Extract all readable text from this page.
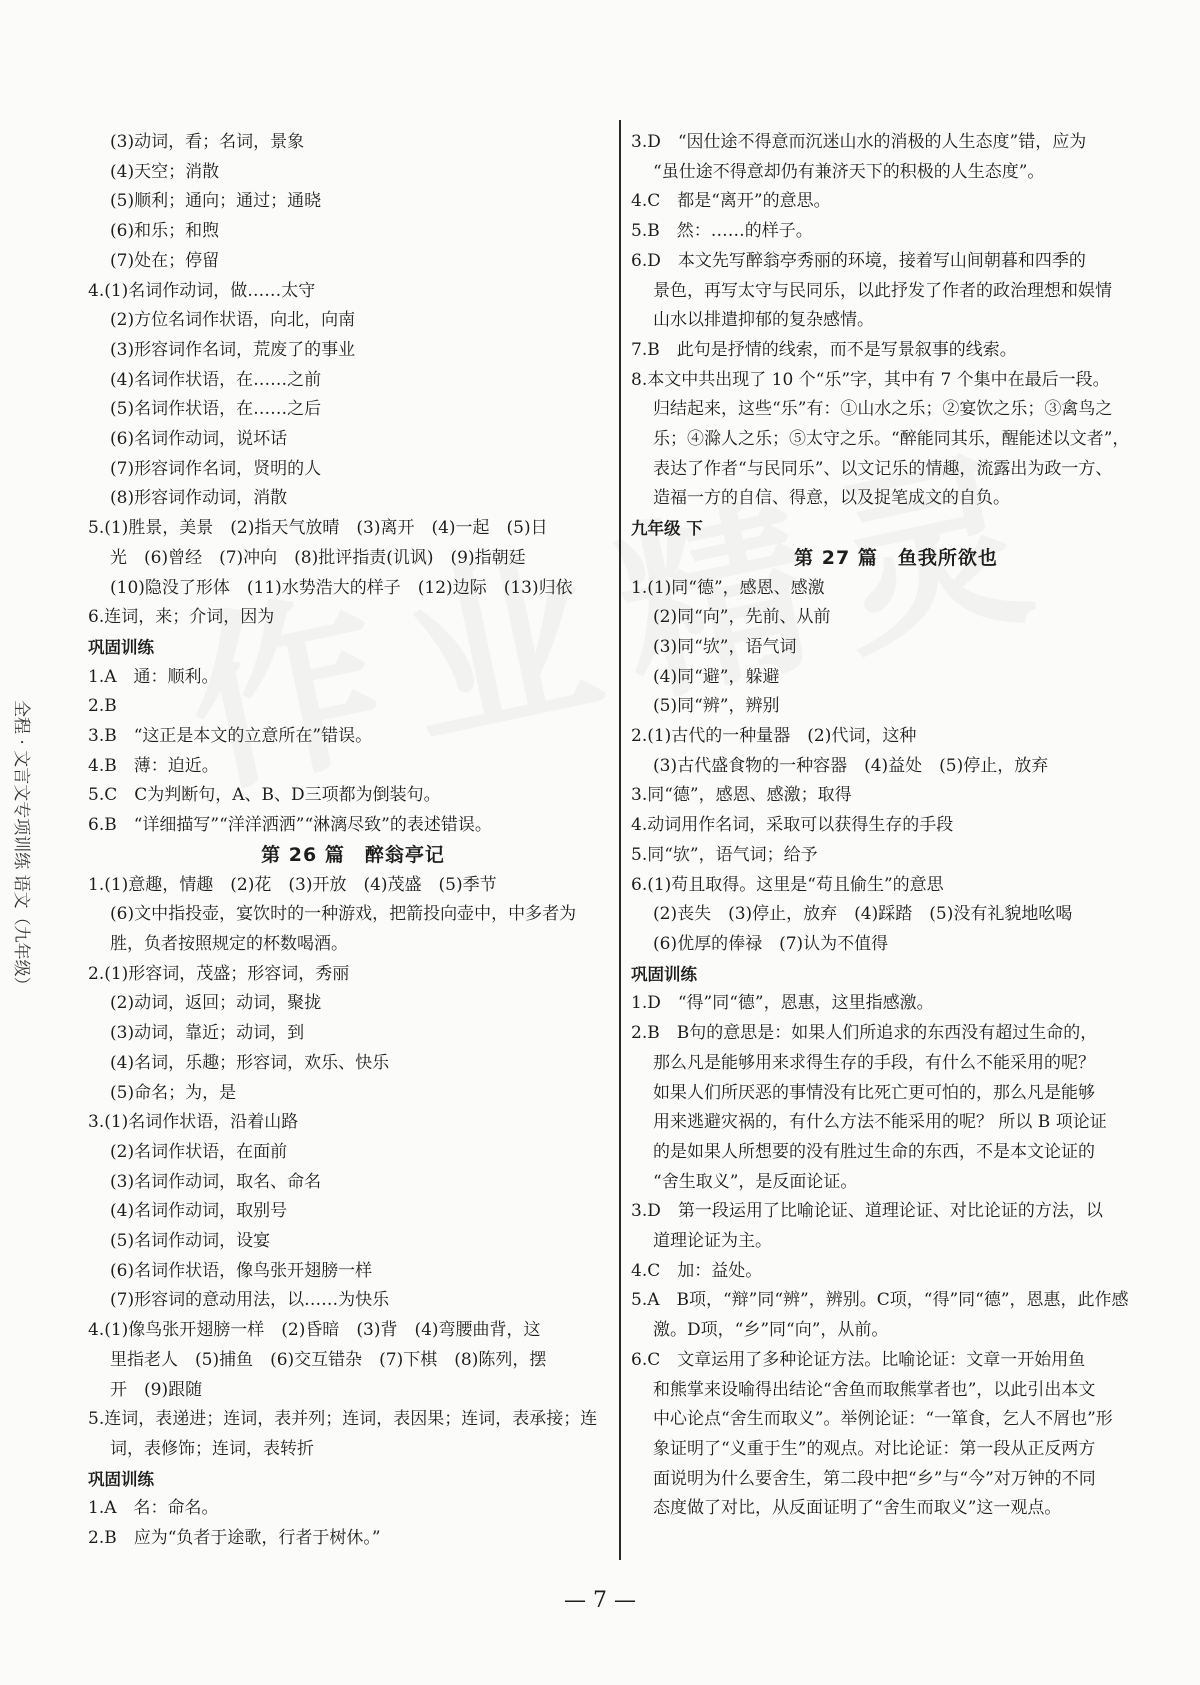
全程 · 文言文专项训练 语文（九年级）
(3)动词，看；名词，景象
(4)天空；消散
(5)顺利；通向；通过；通晓
(6)和乐；和煦
(7)处在；停留
4.(1)名词作动词，做……太守
(2)方位名词作状语，向北，向南
(3)形容词作名词，荒废了的事业
(4)名词作状语，在……之前
(5)名词作状语，在……之后
(6)名词作动词，说坏话
(7)形容词作名词，贤明的人
(8)形容词作动词，消散
5.(1)胜景，美景　(2)指天气放晴　(3)离开　(4)一起　(5)日
光　(6)曾经　(7)冲向　(8)批评指责(讥讽)　(9)指朝廷
(10)隐没了形体　(11)水势浩大的样子　(12)边际　(13)归依
6.连词，来；介词，因为
巩固训练
1.A　通：顺利。
2.B
3.B　“这正是本文的立意所在”错误。
4.B　薄：迫近。
5.C　C为判断句，A、B、D三项都为倒装句。
6.B　“详细描写”“洋洋洒洒”“淋漓尽致”的表述错误。
第 26 篇　醉翁亭记
1.(1)意趣，情趣　(2)花　(3)开放　(4)茂盛　(5)季节
(6)文中指投壶，宴饮时的一种游戏，把箭投向壶中，中多者为
胜，负者按照规定的杯数喝酒。
2.(1)形容词，茂盛；形容词，秀丽
(2)动词，返回；动词，聚拢
(3)动词，靠近；动词，到
(4)名词，乐趣；形容词，欢乐、快乐
(5)命名；为，是
3.(1)名词作状语，沿着山路
(2)名词作状语，在面前
(3)名词作动词，取名、命名
(4)名词作动词，取别号
(5)名词作动词，设宴
(6)名词作状语，像鸟张开翅膀一样
(7)形容词的意动用法，以……为快乐
4.(1)像鸟张开翅膀一样　(2)昏暗　(3)背　(4)弯腰曲背，这
里指老人　(5)捕鱼　(6)交互错杂　(7)下棋　(8)陈列，摆
开　(9)跟随
5.连词，表递进；连词，表并列；连词，表因果；连词，表承接；连
词，表修饰；连词，表转折
巩固训练
1.A　名：命名。
2.B　应为“负者于途歌，行者于树休。”
3.D　“因仕途不得意而沉迷山水的消极的人生态度”错，应为
“虽仕途不得意却仍有兼济天下的积极的人生态度”。
4.C　都是“离开”的意思。
5.B　然：……的样子。
6.D　本文先写醉翁亭秀丽的环境，接着写山间朝暮和四季的
景色，再写太守与民同乐，以此抒发了作者的政治理想和娱情
山水以排遣抑郁的复杂感情。
7.B　此句是抒情的线索，而不是写景叙事的线索。
8.本文中共出现了 10 个“乐”字，其中有 7 个集中在最后一段。
归结起来，这些“乐”有：①山水之乐；②宴饮之乐；③禽鸟之
乐；④滁人之乐；⑤太守之乐。“醉能同其乐，醒能述以文者”，
表达了作者“与民同乐”、以文记乐的情趣，流露出为政一方、
造福一方的自信、得意，以及捉笔成文的自负。
九年级 下
第 27 篇　鱼我所欲也
1.(1)同“德”，感恩、感激
(2)同“向”，先前、从前
(3)同“欤”，语气词
(4)同“避”，躲避
(5)同“辨”，辨别
2.(1)古代的一种量器　(2)代词，这种
(3)古代盛食物的一种容器　(4)益处　(5)停止，放弃
3.同“德”，感恩、感激；取得
4.动词用作名词，采取可以获得生存的手段
5.同“欤”，语气词；给予
6.(1)苟且取得。这里是“苟且偷生”的意思
(2)丧失　(3)停止，放弃　(4)踩踏　(5)没有礼貌地吆喝
(6)优厚的俸禄　(7)认为不值得
巩固训练
1.D　“得”同“德”，恩惠，这里指感激。
2.B　B句的意思是：如果人们所追求的东西没有超过生命的，
那么凡是能够用来求得生存的手段，有什么不能采用的呢？
如果人们所厌恶的事情没有比死亡更可怕的，那么凡是能够
用来逃避灾祸的，有什么方法不能采用的呢？ 所以 B 项论证
的是如果人所想要的没有胜过生命的东西，不是本文论证的
“舍生取义”，是反面论证。
3.D　第一段运用了比喻论证、道理论证、对比论证的方法，以
道理论证为主。
4.C　加：益处。
5.A　B项，“辩”同“辨”，辨别。C项，“得”同“德”，恩惠，此作感
激。D项，“乡”同“向”，从前。
6.C　文章运用了多种论证方法。比喻论证：文章一开始用鱼
和熊掌来设喻得出结论“舍鱼而取熊掌者也”，以此引出本文
中心论点“舍生而取义”。举例论证：“一箪食，乞人不屑也”形
象证明了“义重于生”的观点。对比论证：第一段从正反两方
面说明为什么要舍生，第二段中把“乡”与“今”对万钟的不同
态度做了对比，从反面证明了“舍生而取义”这一观点。
— 7 —
